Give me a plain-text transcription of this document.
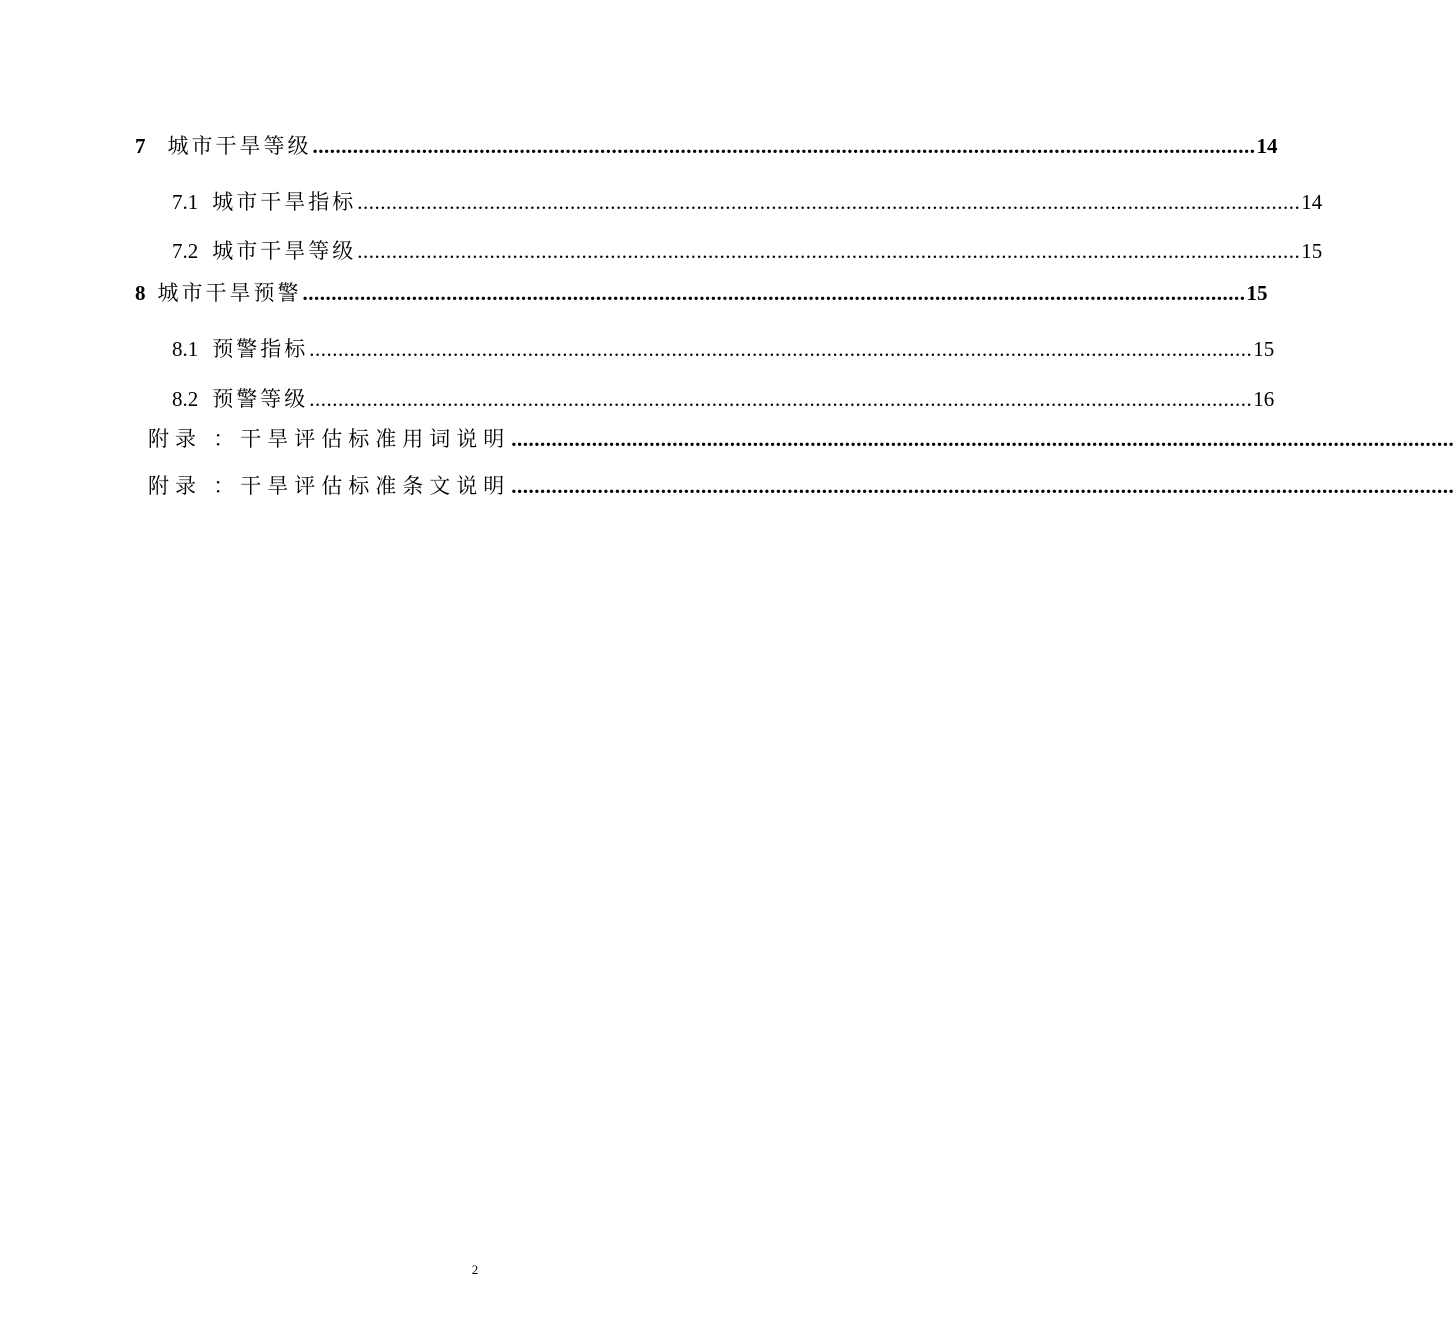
7 城市干旱等级 .................................................................................................................................................................... 14
7.1 城市干旱指标 .................................................................................................................................................................... 14
7.2 城市干旱等级 .................................................................................................................................................................... 15
8 城市干旱预警 .................................................................................................................................................................... 15
8.1 预警指标 .................................................................................................................................................................... 15
8.2 预警等级 .................................................................................................................................................................... 16
附录 ：干旱评估标准用词说明 ....................................................................................................................................................................
附录 ：干旱评估标准条文说明 ....................................................................................................................................................................
2
